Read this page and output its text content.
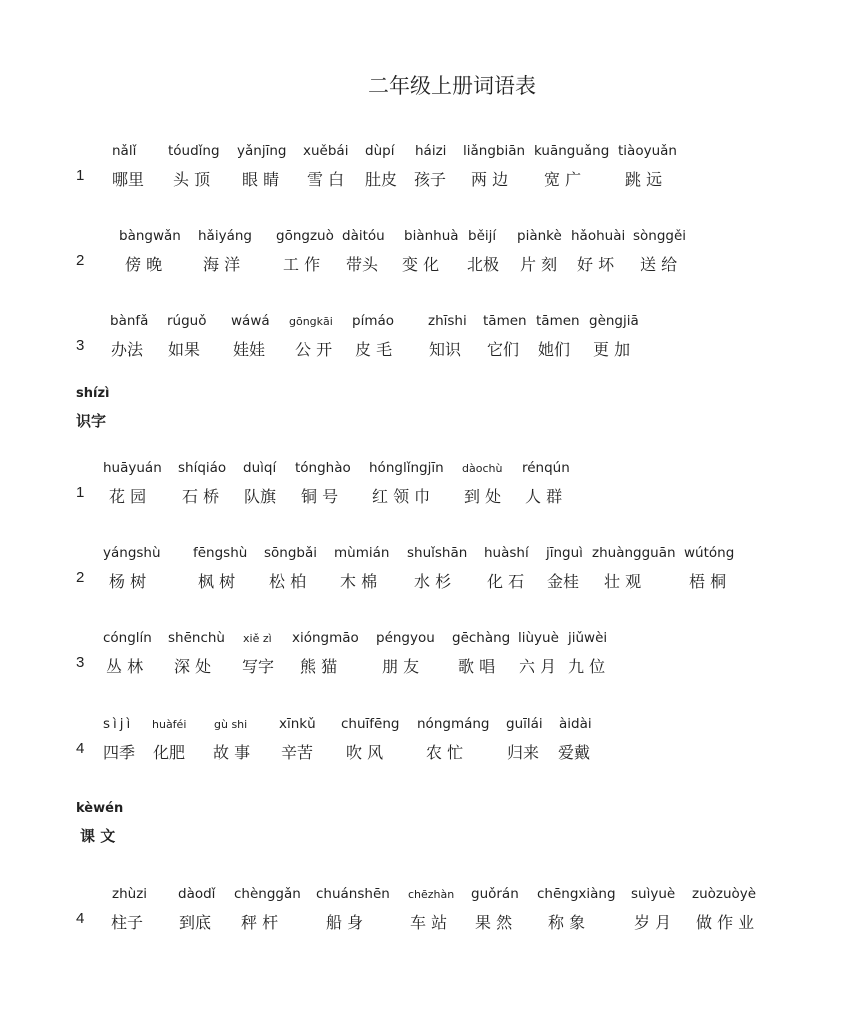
二年级上册词语表
1
nǎlǐ
哪里
tóudǐng
头 顶
yǎnjīng
眼 睛
xuěbái
雪 白
dùpí
肚皮
háizi
孩子
liǎngbiān
两 边
kuānguǎng
宽 广
tiàoyuǎn
跳 远
2
bàngwǎn
傍 晚
hǎiyáng
海 洋
gōngzuò
工 作
dàitóu
带头
biànhuà
变 化
běijí
北极
piànkè
片 刻
hǎohuài
好 坏
sònggěi
送 给
3
bànfǎ
办法
rúguǒ
如果
wáwá
娃娃
gōngkāi
公 开
pímáo
皮 毛
zhīshi
知识
tāmen
它们
tāmen
她们
gèngjiā
更 加
shízì
识字
1
huāyuán
花 园
shíqiáo
石 桥
duìqí
队旗
tónghào
铜 号
hónglǐngjīn
红 领 巾
dàochù
到 处
rénqún
人 群
2
yángshù
杨 树
fēngshù
枫 树
sōngbǎi
松 柏
mùmián
木 棉
shuǐshān
水 杉
huàshí
化 石
jīnguì
金桂
zhuàngguān
壮 观
wútóng
梧 桐
3
cónglín
丛 林
shēnchù
深 处
xiě zì
写字
xióngmāo
熊 猫
péngyou
朋 友
gēchàng
歌 唱
liùyuè
六 月
jiǔwèi
九 位
4
sìjì
四季
huàféi
化肥
gù shi
故 事
xīnkǔ
辛苦
chuīfēng
吹 风
nóngmáng
农 忙
guīlái
归来
àidài
爱戴
kèwén
课 文
4
zhùzi
柱子
dàodǐ
到底
chènggǎn
秤 杆
chuánshēn
船 身
chēzhàn
车 站
guǒrán
果 然
chēngxiàng
称 象
suìyuè
岁 月
zuòzuòyè
做 作 业
